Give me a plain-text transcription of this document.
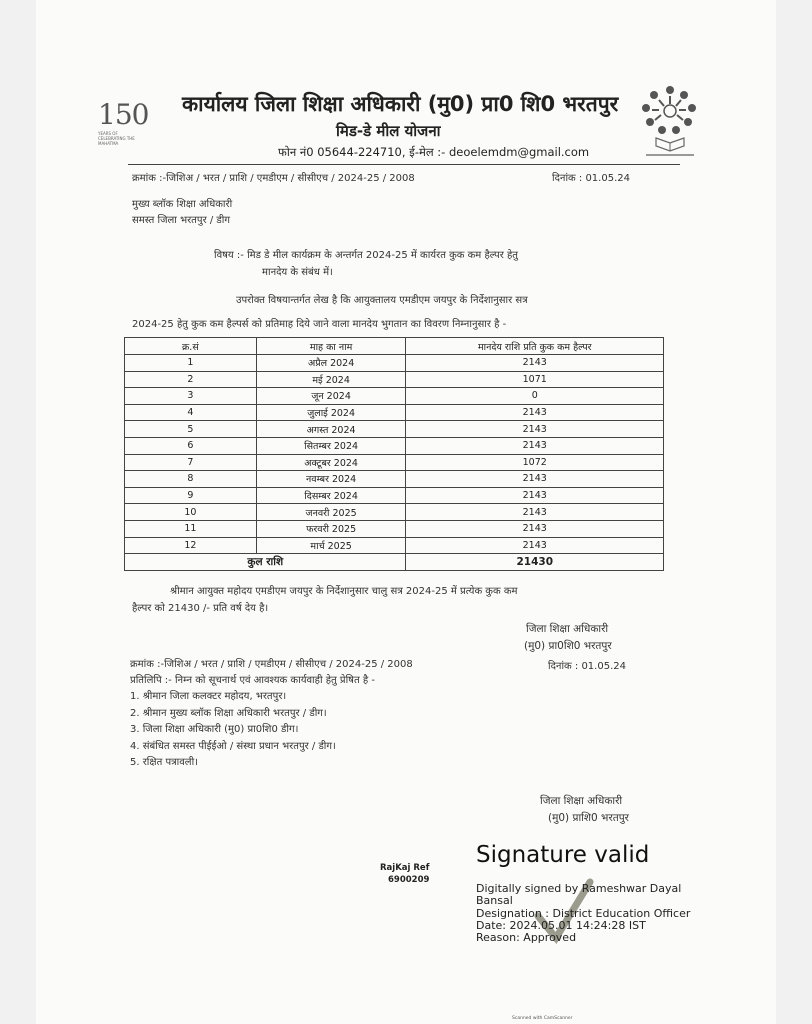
150
YEARS OF CELEBRATING THE MAHATMA
कार्यालय जिला शिक्षा अधिकारी (मु0) प्रा0 शि0 भरतपुर
मिड-डे मील योजना
फोन नं0 05644-224710, ई-मेल :- deoelemdm@gmail.com
क्रमांक :-जिशिअ / भरत / प्राशि / एमडीएम / सीसीएच / 2024-25 / 2008	दिनांक : 01.05.24
मुख्य ब्लॉक शिक्षा अधिकारी
समस्त जिला भरतपुर / डीग
विषय :- मिड डे मील कार्यक्रम के अन्तर्गत 2024-25 में कार्यरत कुक कम हैल्पर हेतु
मानदेय के संबंध में।
उपरोक्त विषयान्तर्गत लेख है कि आयुक्तालय एमडीएम जयपुर के निर्देशानुसार सत्र
2024-25 हेतु कुक कम हैल्पर्स को प्रतिमाह दिये जाने वाला मानदेय भुगतान का विवरण निम्नानुसार है -
क्र.सं	माह का नाम	मानदेय राशि प्रति कुक कम हैल्पर
1	अप्रैल 2024	2143
2	मई 2024	1071
3	जून 2024	0
4	जुलाई 2024	2143
5	अगस्त 2024	2143
6	सितम्बर 2024	2143
7	अक्टूबर 2024	1072
8	नवम्बर 2024	2143
9	दिसम्बर 2024	2143
10	जनवरी 2025	2143
11	फरवरी 2025	2143
12	मार्च 2025	2143
कुल राशि		21430
श्रीमान आयुक्त महोदय एमडीएम जयपुर के निर्देशानुसार चालु सत्र 2024-25 में प्रत्येक कुक कम
हैल्पर को 21430 /- प्रति वर्ष देय है।
जिला शिक्षा अधिकारी
(मु0) प्रा0शि0 भरतपुर
क्रमांक :-जिशिअ / भरत / प्राशि / एमडीएम / सीसीएच / 2024-25 / 2008	दिनांक : 01.05.24
प्रतिलिपि :- निम्न को सूचनार्थ एवं आवश्यक कार्यवाही हेतु प्रेषित है -
1. श्रीमान जिला कलक्टर महोदय, भरतपुर।
2. श्रीमान मुख्य ब्लॉक शिक्षा अधिकारी भरतपुर / डीग।
3. जिला शिक्षा अधिकारी (मु0) प्रा0शि0 डीग।
4. संबंधित समस्त पीईईओ / संस्था प्रधान भरतपुर / डीग।
5. रक्षित पत्रावली।
जिला शिक्षा अधिकारी
(मु0) प्राशि0 भरतपुर
RajKaj Ref
6900209
Signature valid
Digitally signed by Rameshwar Dayal
Bansal
Designation : District Education Officer
Date: 2024.05.01 14:24:28 IST
Reason: Approved
Scanned with CamScanner
